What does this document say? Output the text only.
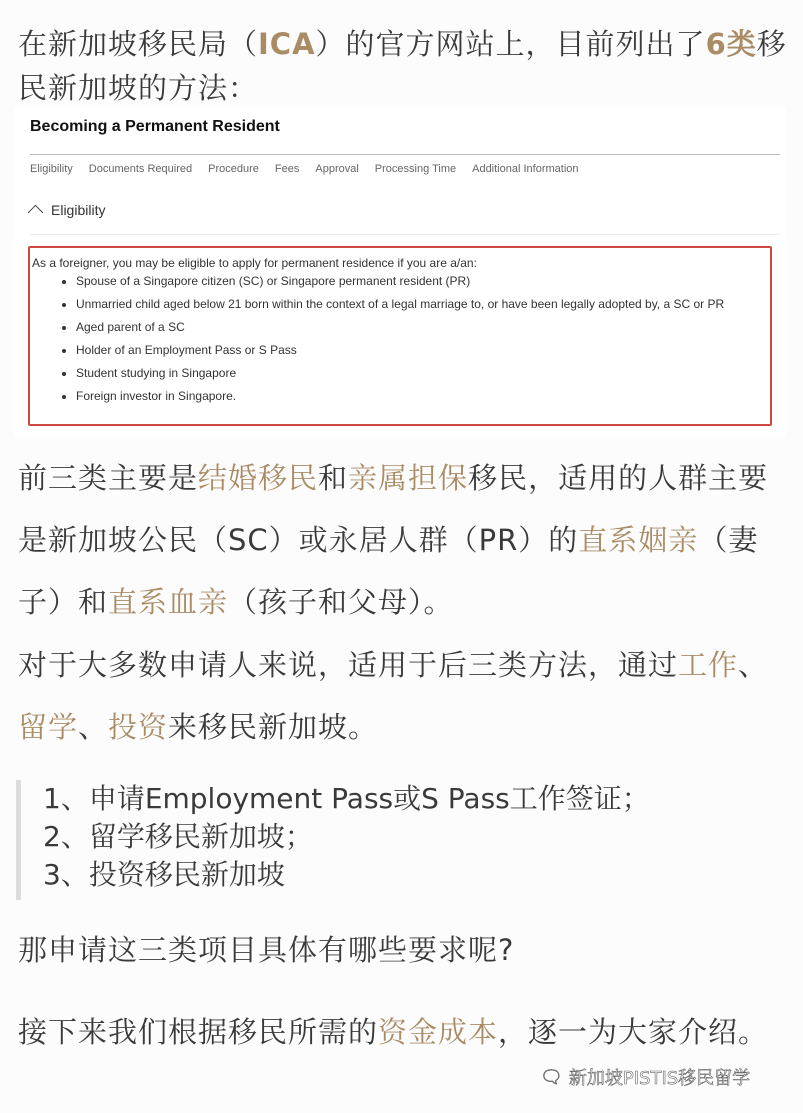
在新加坡移民局（ICA）的官方网站上，目前列出了6类移民新加坡的方法：
Becoming a Permanent Resident
Eligibility Documents Required Procedure Fees Approval Processing Time Additional Information
Eligibility
As a foreigner, you may be eligible to apply for permanent residence if you are a/an:
• Spouse of a Singapore citizen (SC) or Singapore permanent resident (PR)
• Unmarried child aged below 21 born within the context of a legal marriage to, or have been legally adopted by, a SC or PR
• Aged parent of a SC
• Holder of an Employment Pass or S Pass
• Student studying in Singapore
• Foreign investor in Singapore.
前三类主要是结婚移民和亲属担保移民，适用的人群主要是新加坡公民（SC）或永居人群（PR）的直系姻亲（妻子）和直系血亲（孩子和父母）。
对于大多数申请人来说，适用于后三类方法，通过工作、留学、投资来移民新加坡。
1、申请Employment Pass或S Pass工作签证；
2、留学移民新加坡；
3、投资移民新加坡
那申请这三类项目具体有哪些要求呢?
接下来我们根据移民所需的资金成本，逐一为大家介绍。
🗨 新加坡PISTIS移民留学
